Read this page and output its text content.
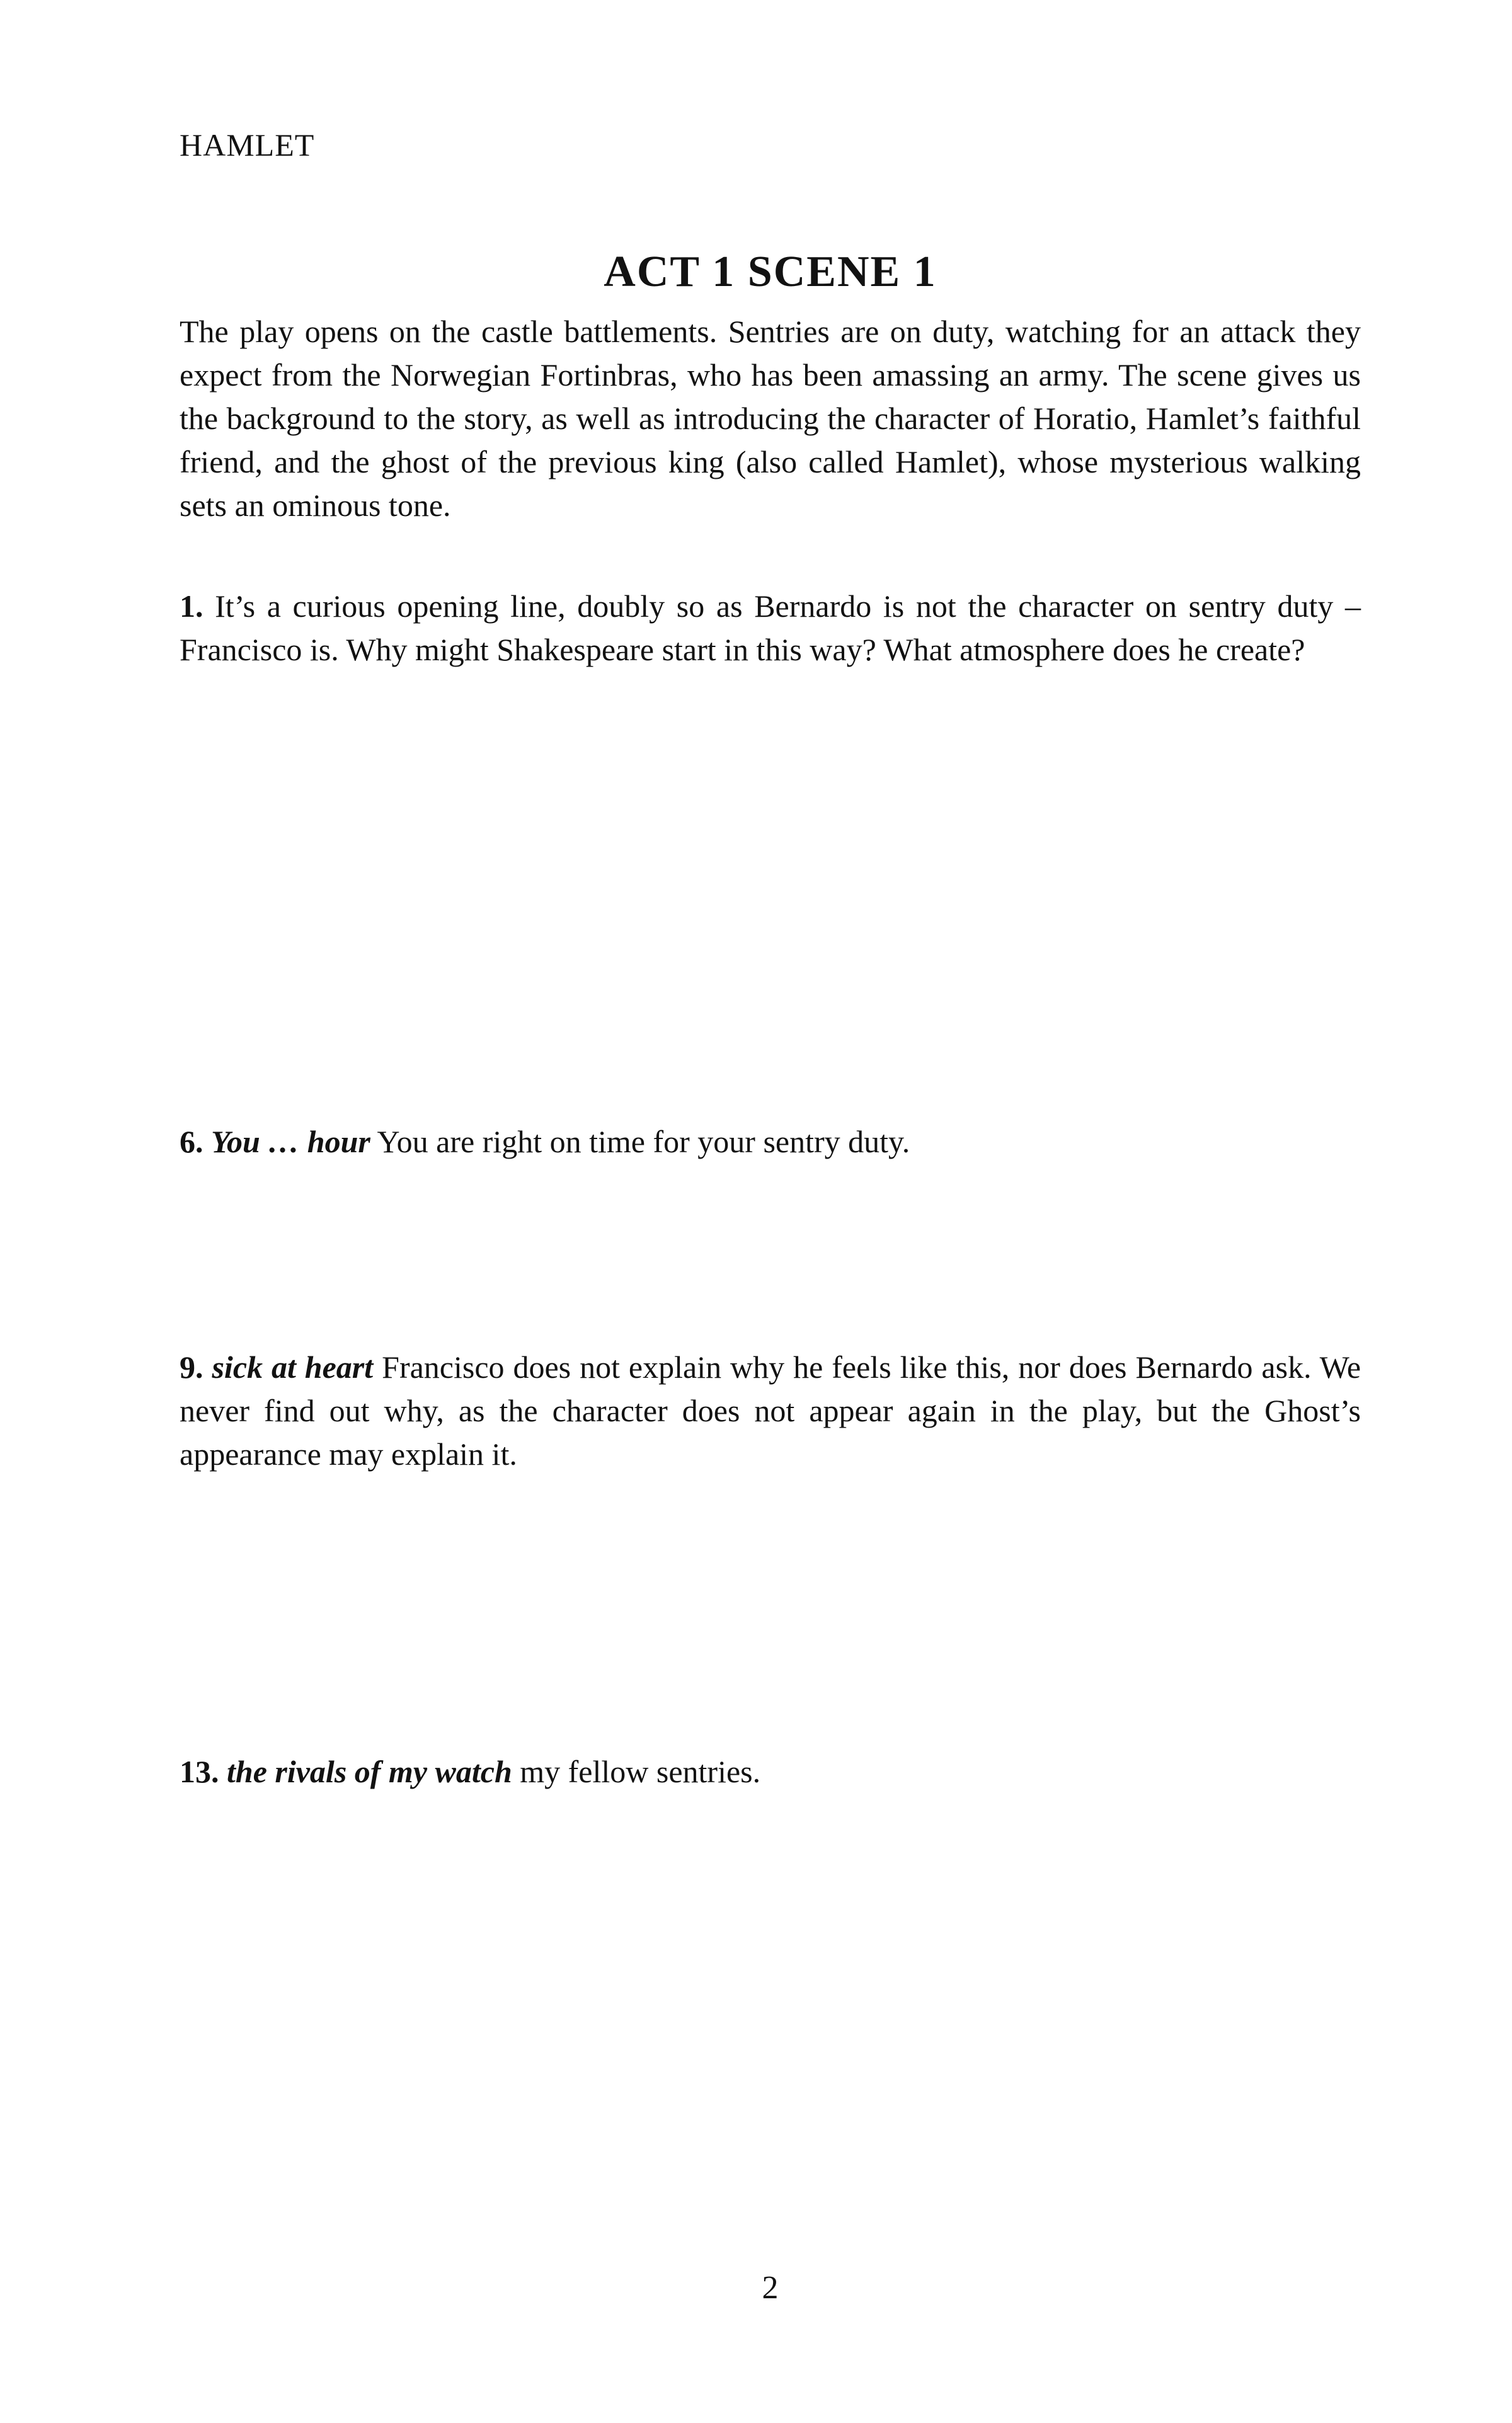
HAMLET
ACT 1 SCENE 1

The play opens on the castle battlements. Sentries are on duty, watching for an attack they expect from the Norwegian Fortinbras, who has been amassing an army. The scene gives us the background to the story, as well as introducing the character of Horatio, Hamlet’s faithful friend, and the ghost of the previous king (also called Hamlet), whose mysterious walking sets an ominous tone.

1. It’s a curious opening line, doubly so as Bernardo is not the character on sentry duty – Francisco is. Why might Shakespeare start in this way? What atmosphere does he create?

6. You … hour You are right on time for your sentry duty.

9. sick at heart Francisco does not explain why he feels like this, nor does Bernardo ask. We never find out why, as the character does not appear again in the play, but the Ghost’s appearance may explain it.

13. the rivals of my watch my fellow sentries.

2
